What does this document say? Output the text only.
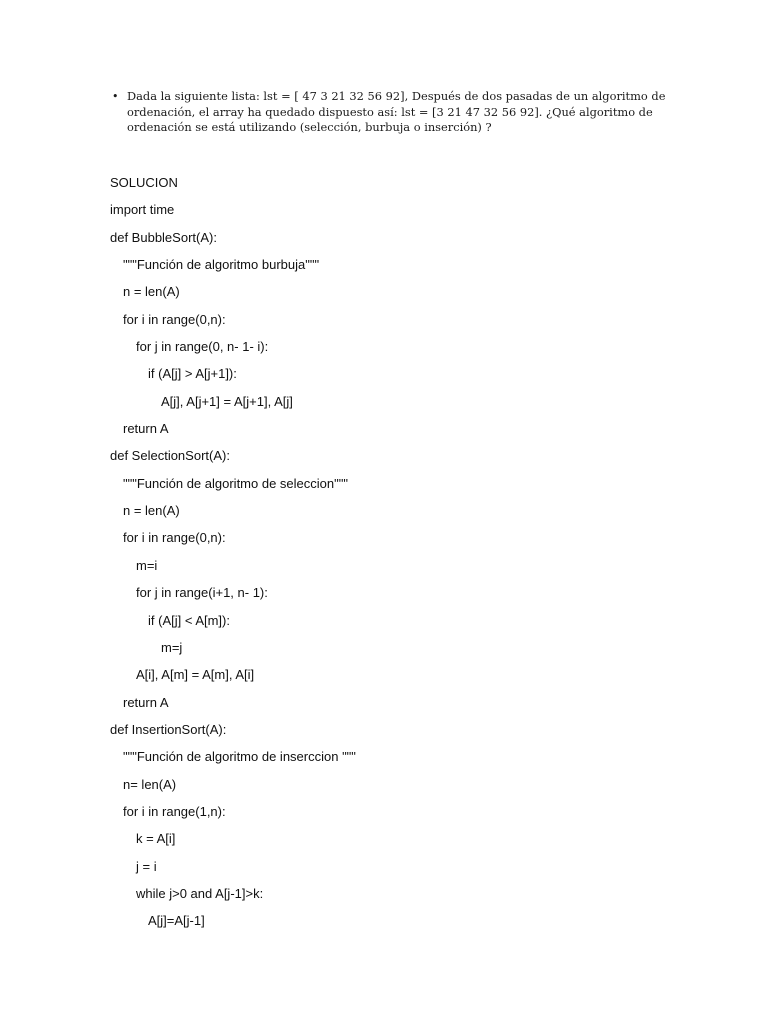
• Dada la siguiente lista: lst = [ 47 3 21 32 56 92], Después de dos pasadas de un algoritmo de
ordenación, el array ha quedado dispuesto así: lst = [3 21 47 32 56 92]. ¿Qué algoritmo de
ordenación se está utilizando (selección, burbuja o inserción) ?
SOLUCION
import time
def BubbleSort(A):
"""Función de algoritmo burbuja"""
n = len(A)
for i in range(0,n):
for j in range(0, n- 1- i):
if (A[j] > A[j+1]):
A[j], A[j+1] = A[j+1], A[j]
return A
def SelectionSort(A):
"""Función de algoritmo de seleccion"""
n = len(A)
for i in range(0,n):
m=i
for j in range(i+1, n- 1):
if (A[j] < A[m]):
m=j
A[i], A[m] = A[m], A[i]
return A
def InsertionSort(A):
"""Función de algoritmo de inserccion """
n= len(A)
for i in range(1,n):
k = A[i]
j = i
while j>0 and A[j-1]>k:
A[j]=A[j-1]
